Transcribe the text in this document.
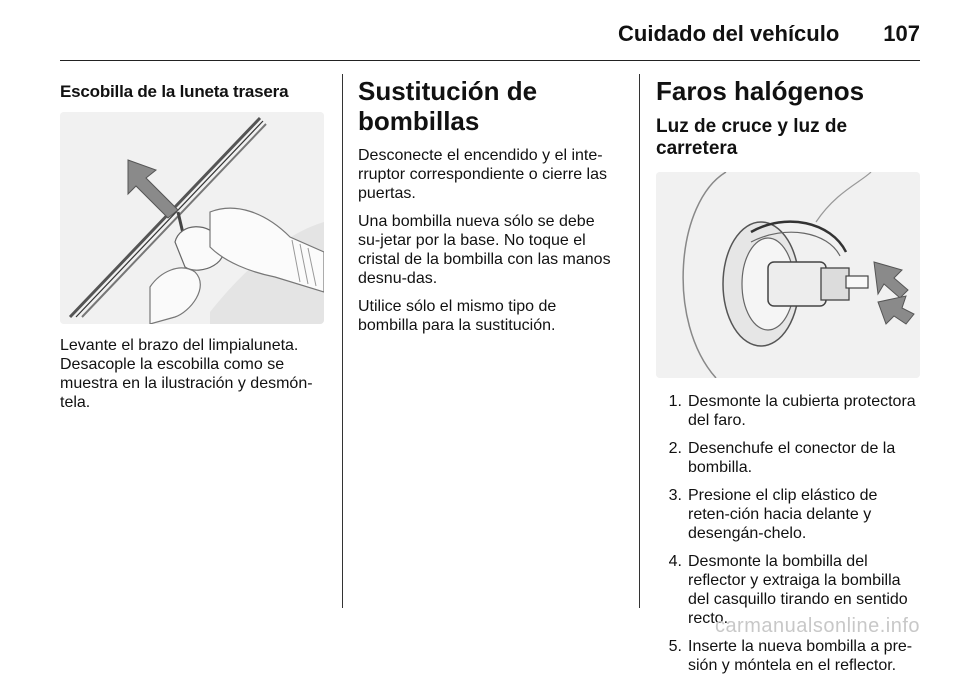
Cuidado del vehículo 107
Escobilla de la luneta trasera

Levante el brazo del limpialuneta. Desacople la escobilla como se muestra en la ilustración y desmón-tela.

Sustitución de bombillas

Desconecte el encendido y el inte-rruptor correspondiente o cierre las puertas.

Una bombilla nueva sólo se debe su-jetar por la base. No toque el cristal de la bombilla con las manos desnu-das.

Utilice sólo el mismo tipo de bombilla para la sustitución.

Faros halógenos
Luz de cruce y luz de carretera
1. Desmonte la cubierta protectora del faro.
2. Desenchufe el conector de la bombilla.
3. Presione el clip elástico de reten-ción hacia delante y desengán-chelo.
4. Desmonte la bombilla del reflector y extraiga la bombilla del casquillo tirando en sentido recto.
5. Inserte la nueva bombilla a pre-sión y móntela en el reflector.
carmanualsonline.info
